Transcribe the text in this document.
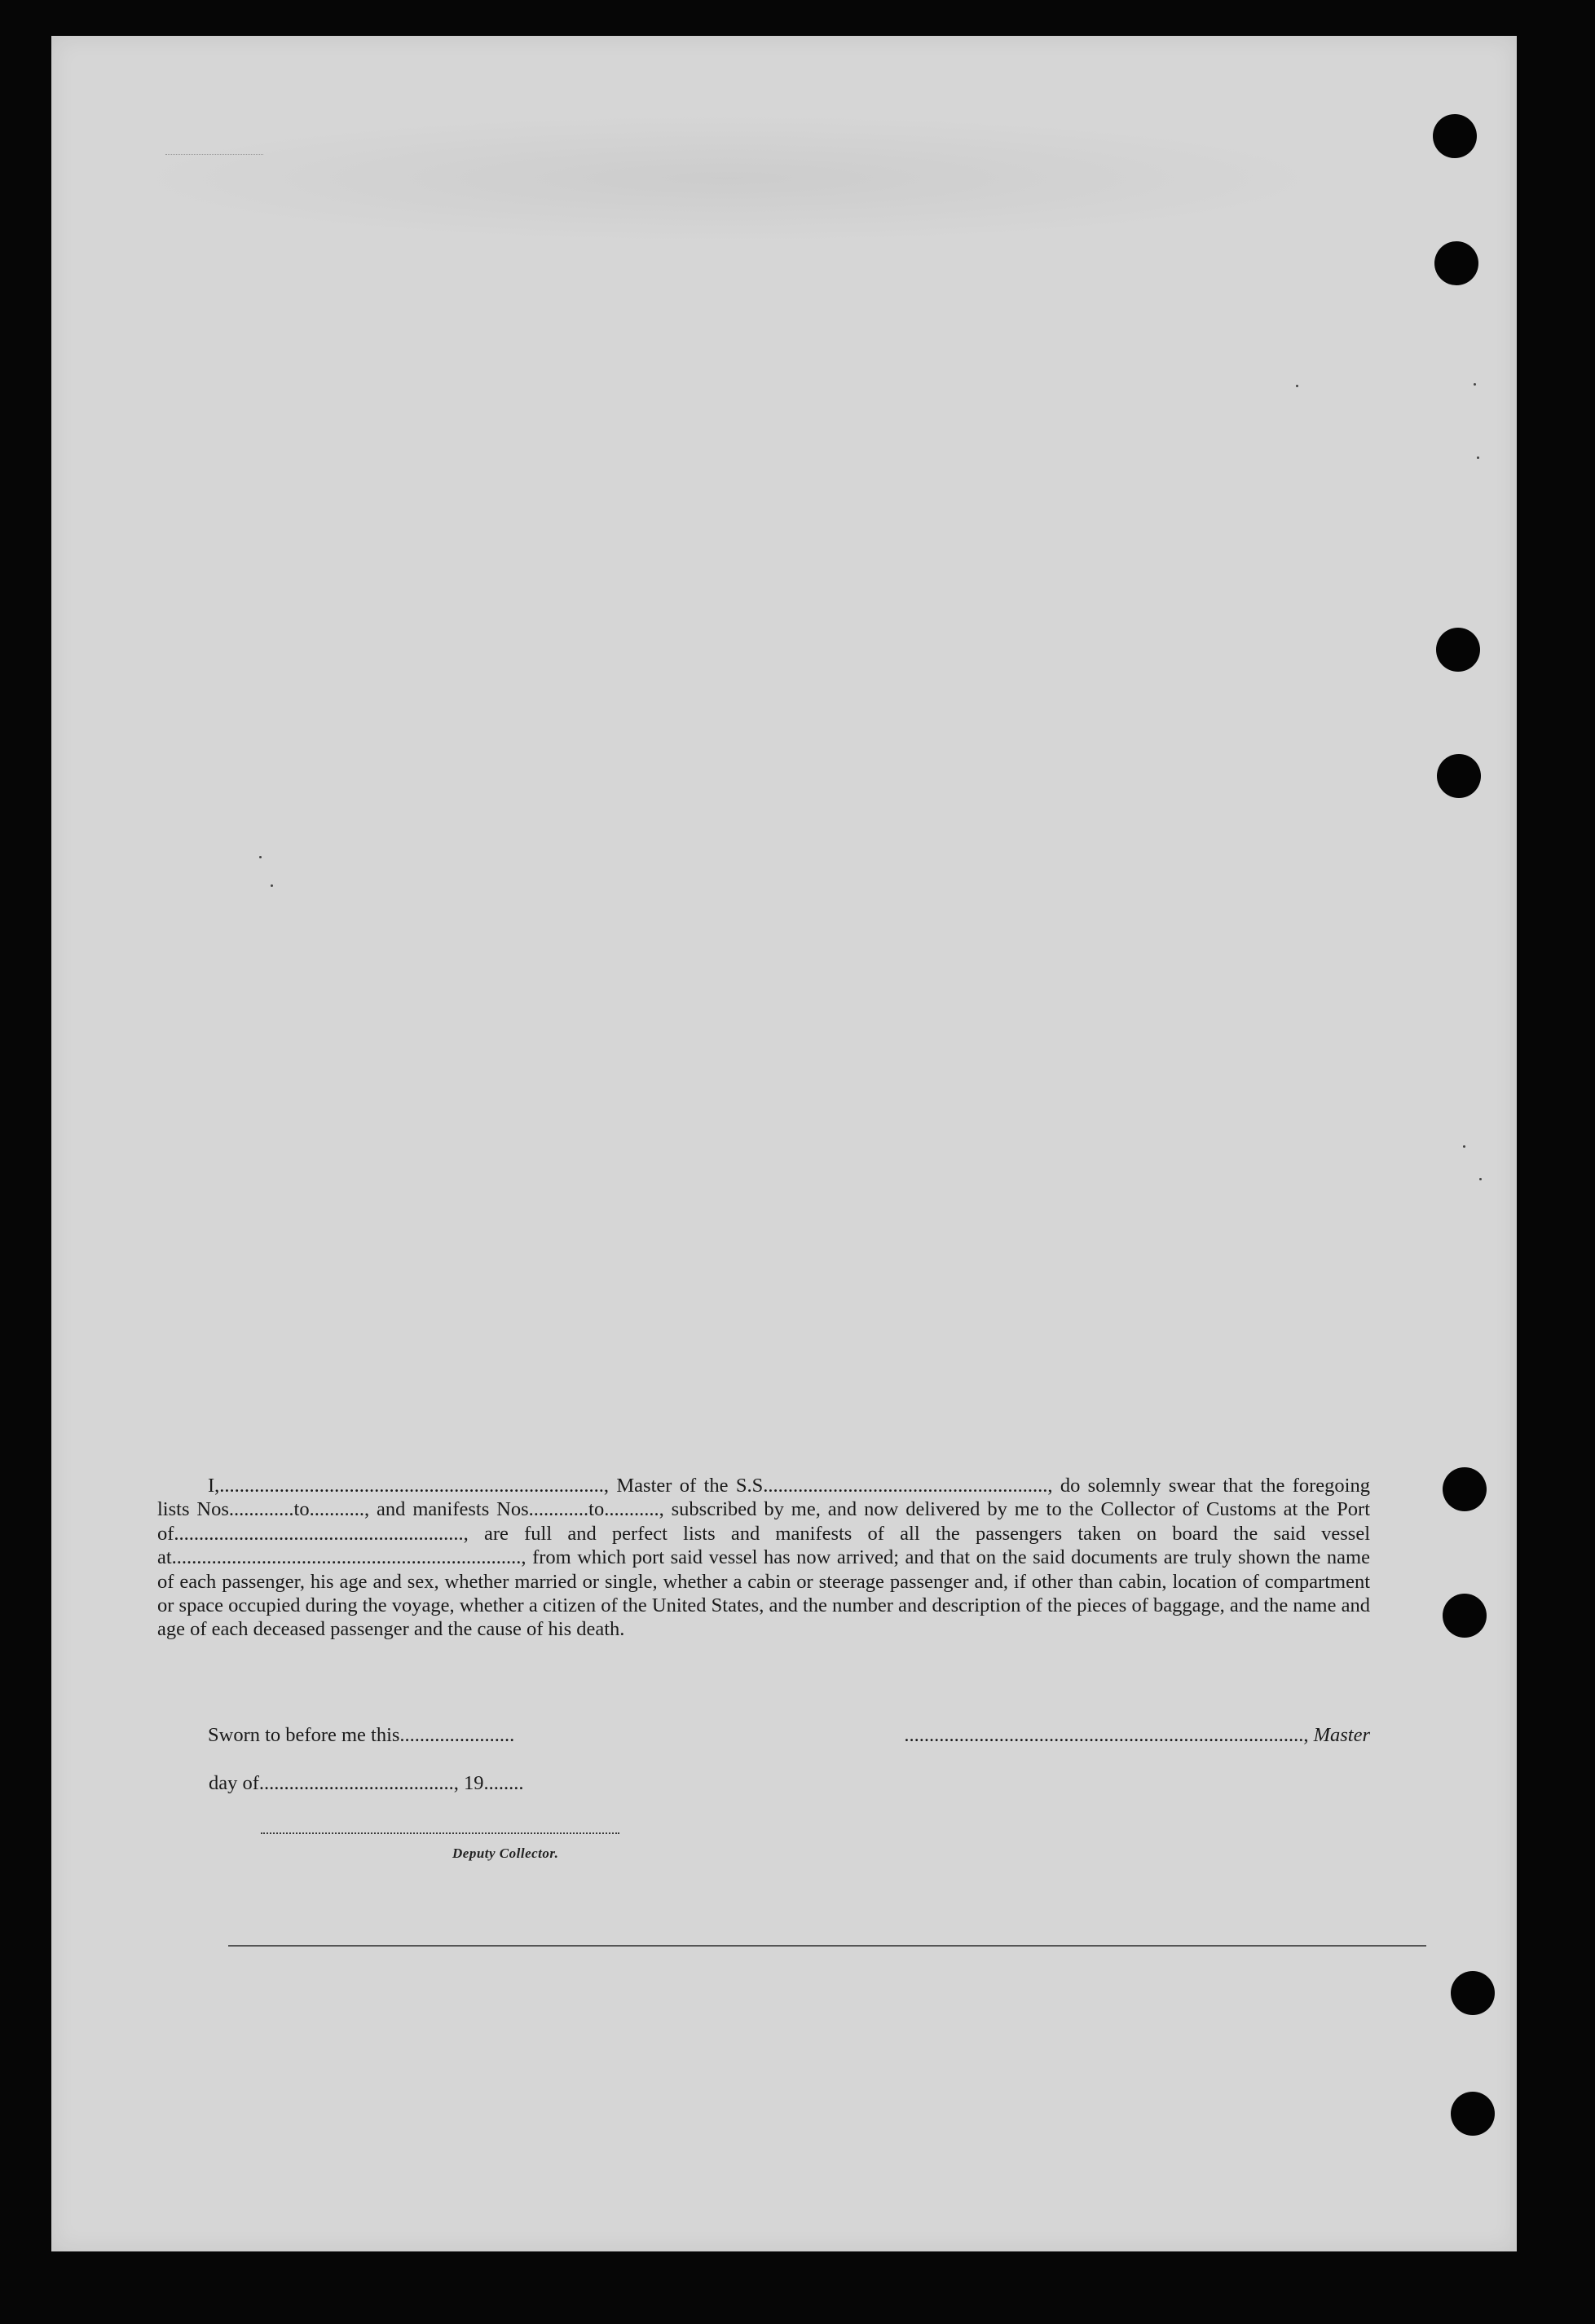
I,............................................................................., Master of the S.S........................................................., do solemnly swear that the foregoing lists Nos.............to..........., and manifests Nos............to..........., subscribed by me, and now delivered by me to the Collector of Customs at the Port of.........................................................., are full and perfect lists and manifests of all the passengers taken on board the said vessel at......................................................................, from which port said vessel has now arrived; and that on the said documents are truly shown the name of each passenger, his age and sex, whether married or single, whether a cabin or steerage passenger and, if other than cabin, location of compartment or space occupied during the voyage, whether a citizen of the United States, and the number and description of the pieces of baggage, and the name and age of each deceased passenger and the cause of his death.

Sworn to before me this.......................	................................................................................, Master
day of......................................., 19........
Deputy Collector.
